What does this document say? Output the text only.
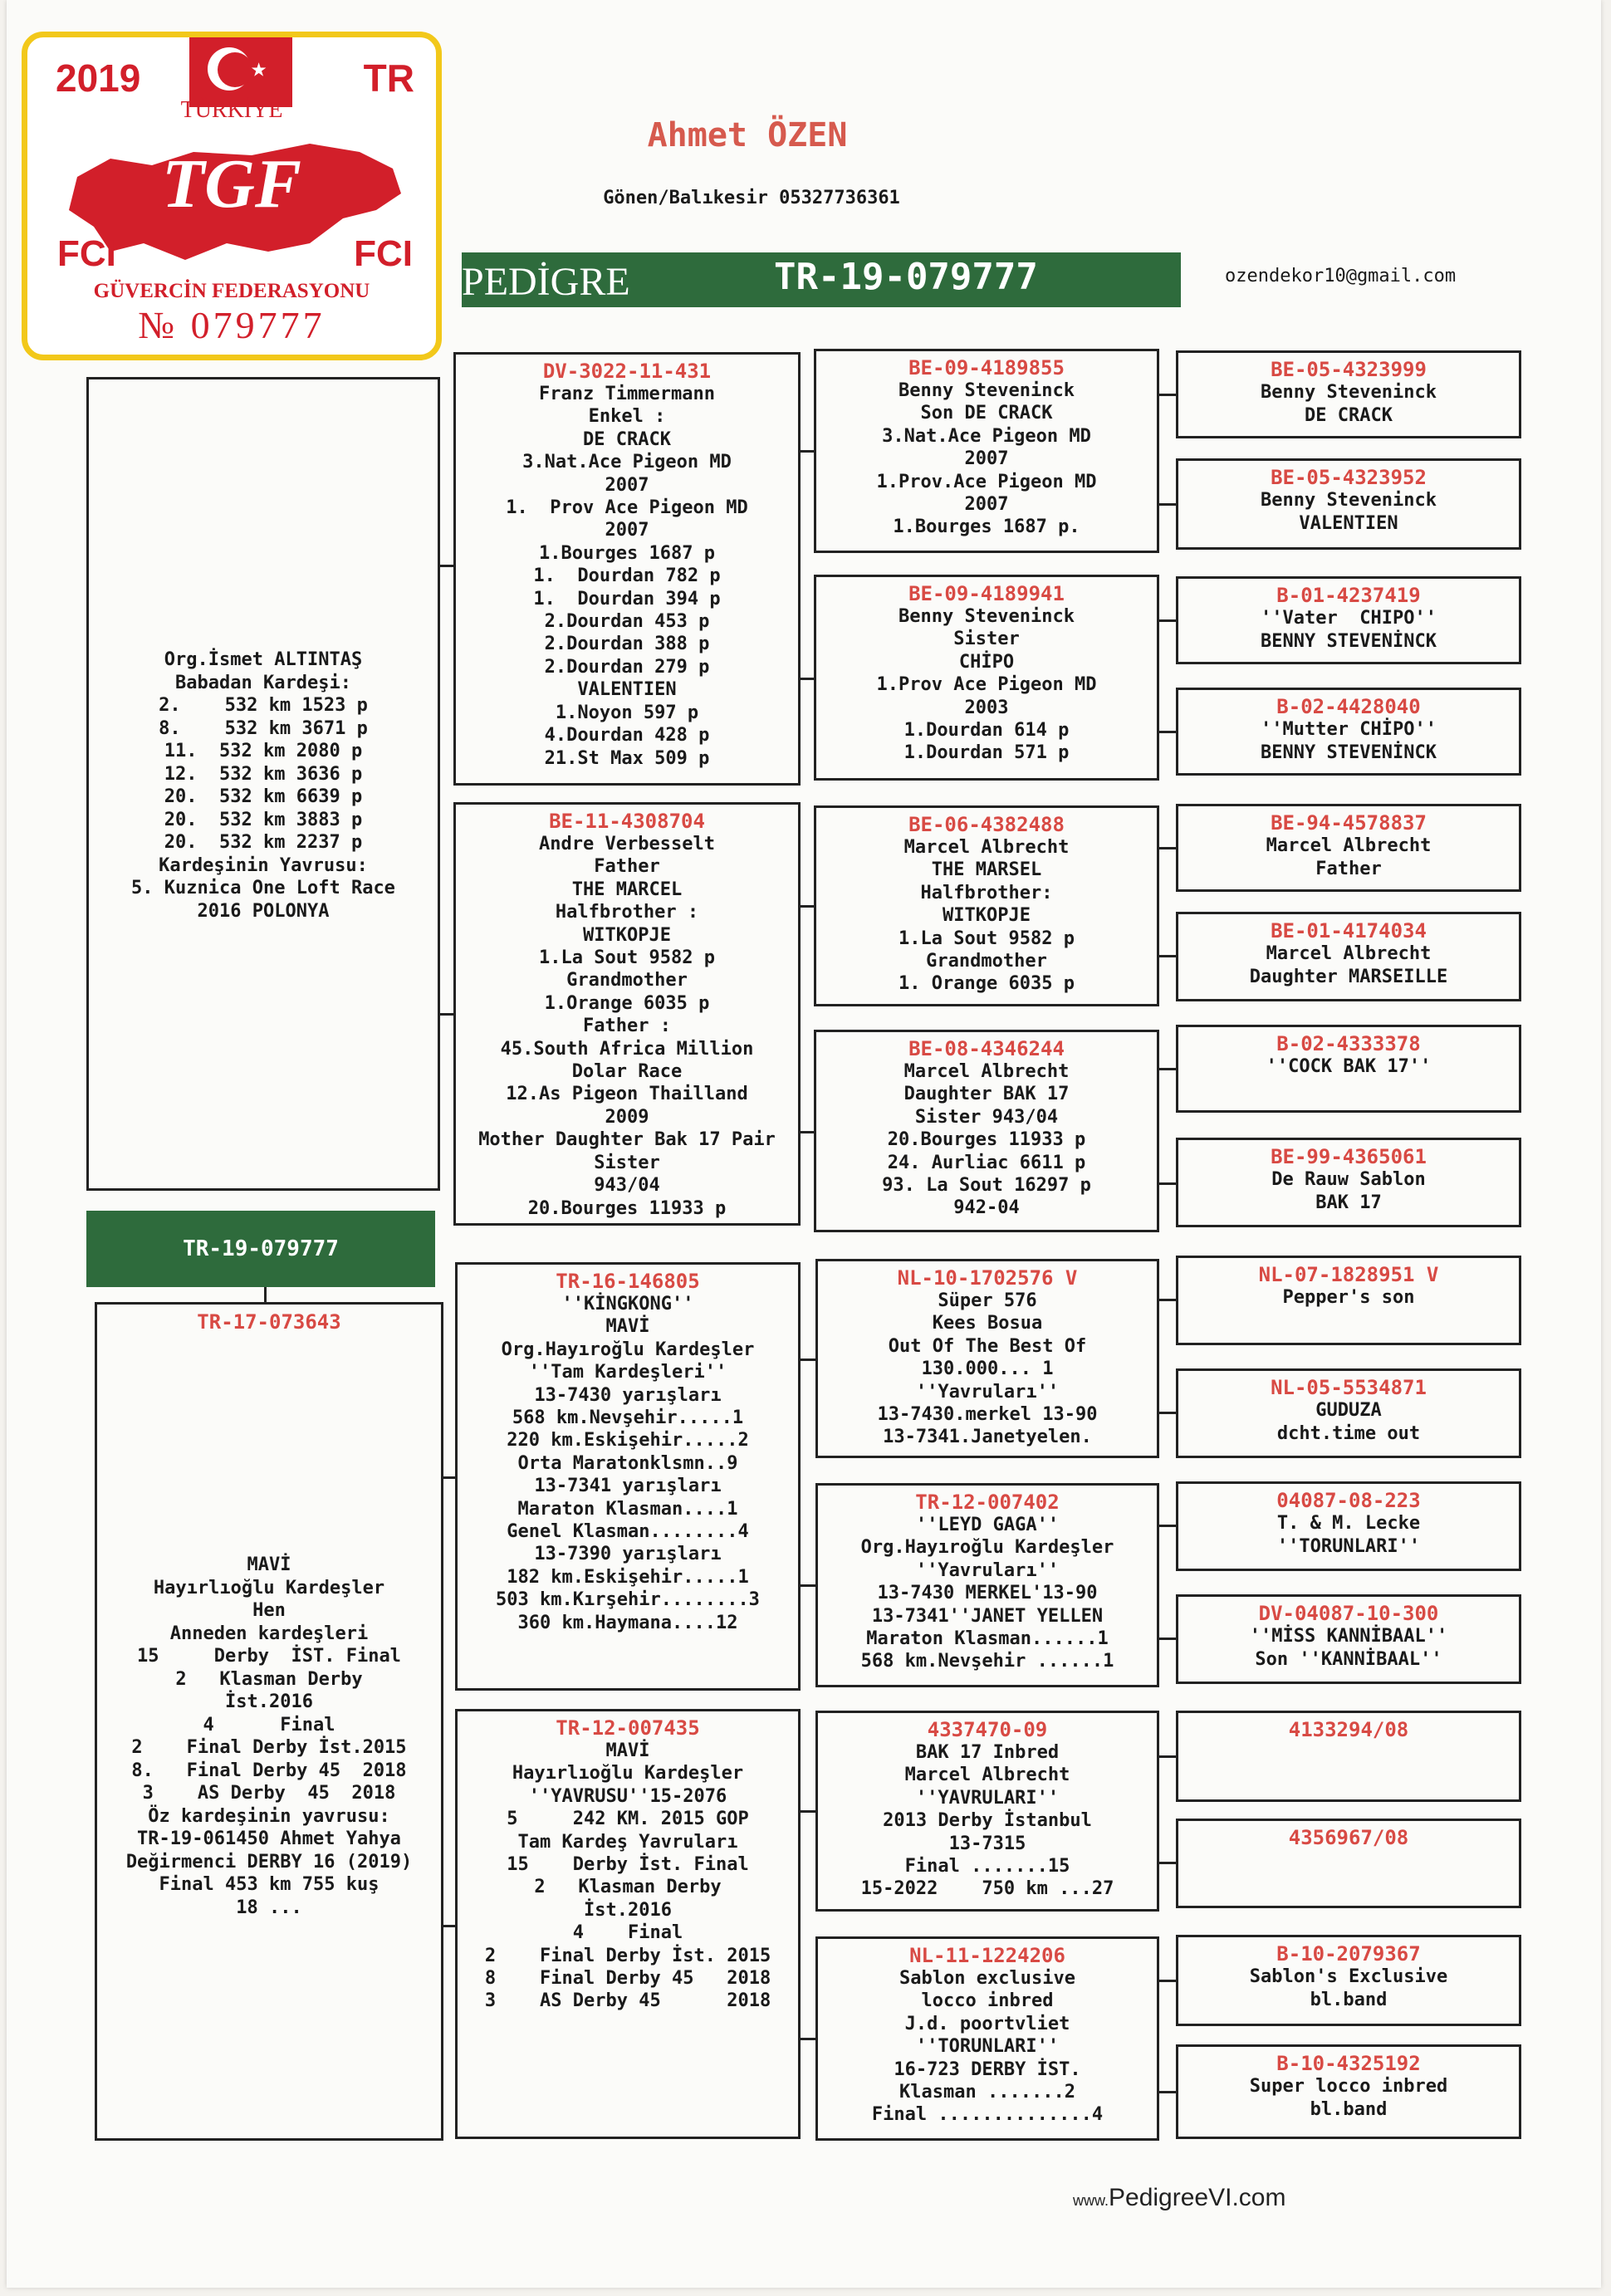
2019	★	TR
TÜRKİYE
TGF
FCI	FCI
GÜVERCİN FEDERASYONU
№ 079777
Ahmet ÖZEN
Gönen/Balıkesir 05327736361
PEDİGRE	TR-19-079777	ozendekor10@gmail.com
Org.İsmet ALTINTAŞ
Babadan Kardeşi:
2.    532 km 1523 p
8.    532 km 3671 p
11.  532 km 2080 p
12.  532 km 3636 p
20.  532 km 6639 p
20.  532 km 3883 p
20.  532 km 2237 p
Kardeşinin Yavrusu:
5. Kuznica One Loft Race
2016 POLONYA
TR-19-079777
TR-17-073643
MAVİ
Hayırlıoğlu Kardeşler
Hen
Anneden kardeşleri
15     Derby  İST. Final
2   Klasman Derby
İst.2016
4      Final
2    Final Derby İst.2015
8.   Final Derby 45  2018
3    AS Derby  45  2018
Öz kardeşinin yavrusu:
TR-19-061450 Ahmet Yahya
Değirmenci DERBY 16 (2019)
Final 453 km 755 kuş
18 ...
DV-3022-11-431
Franz Timmermann
Enkel :
DE CRACK
3.Nat.Ace Pigeon MD
2007
1.  Prov Ace Pigeon MD
2007
1.Bourges 1687 p
1.  Dourdan 782 p
1.  Dourdan 394 p
2.Dourdan 453 p
2.Dourdan 388 p
2.Dourdan 279 p
VALENTIEN
1.Noyon 597 p
4.Dourdan 428 p
21.St Max 509 p
BE-11-4308704
Andre Verbesselt
Father
THE MARCEL
Halfbrother :
WITKOPJE
1.La Sout 9582 p
Grandmother
1.Orange 6035 p
Father :
45.South Africa Million
Dolar Race
12.As Pigeon Thailland
2009
Mother Daughter Bak 17 Pair
Sister
943/04
20.Bourges 11933 p
TR-16-146805
''KİNGKONG''
MAVİ
Org.Hayıroğlu Kardeşler
''Tam Kardeşleri''
13-7430 yarışları
568 km.Nevşehir.....1
220 km.Eskişehir.....2
Orta Maratonklsmn..9
13-7341 yarışları
Maraton Klasman....1
Genel Klasman........4
13-7390 yarışları
182 km.Eskişehir.....1
503 km.Kırşehir........3
360 km.Haymana....12
TR-12-007435
MAVİ
Hayırlıoğlu Kardeşler
''YAVRUSU''15-2076
5     242 KM. 2015 GOP
Tam Kardeş Yavruları
15    Derby İst. Final
2   Klasman Derby
İst.2016
4    Final
2    Final Derby İst. 2015
8    Final Derby 45   2018
3    AS Derby 45      2018
BE-09-4189855
Benny Steveninck
Son DE CRACK
3.Nat.Ace Pigeon MD
2007
1.Prov.Ace Pigeon MD
2007
1.Bourges 1687 p.
BE-09-4189941
Benny Steveninck
Sister
CHİPO
1.Prov Ace Pigeon MD
2003
1.Dourdan 614 p
1.Dourdan 571 p
BE-06-4382488
Marcel Albrecht
THE MARSEL
Halfbrother:
WITKOPJE
1.La Sout 9582 p
Grandmother
1. Orange 6035 p
BE-08-4346244
Marcel Albrecht
Daughter BAK 17
Sister 943/04
20.Bourges 11933 p
24. Aurliac 6611 p
93. La Sout 16297 p
942-04
NL-10-1702576 V
Süper 576
Kees Bosua
Out Of The Best Of
130.000... 1
''Yavruları''
13-7430.merkel 13-90
13-7341.Janetyelen.
TR-12-007402
''LEYD GAGA''
Org.Hayıroğlu Kardeşler
''Yavruları''
13-7430 MERKEL'13-90
13-7341''JANET YELLEN
Maraton Klasman......1
568 km.Nevşehir ......1
4337470-09
BAK 17 Inbred
Marcel Albrecht
''YAVRULARI''
2013 Derby İstanbul
13-7315
Final .......15
15-2022    750 km ...27
NL-11-1224206
Sablon exclusive
locco inbred
J.d. poortvliet
''TORUNLARI''
16-723 DERBY İST.
Klasman .......2
Final ..............4
BE-05-4323999
Benny Steveninck
DE CRACK
BE-05-4323952
Benny Steveninck
VALENTIEN
B-01-4237419
''Vater  CHIPO''
BENNY STEVENİNCK
B-02-4428040
''Mutter CHİPO''
BENNY STEVENİNCK
BE-94-4578837
Marcel Albrecht
Father
BE-01-4174034
Marcel Albrecht
Daughter MARSEILLE
B-02-4333378
''COCK BAK 17''
BE-99-4365061
De Rauw Sablon
BAK 17
NL-07-1828951 V
Pepper's son
NL-05-5534871
GUDUZA
dcht.time out
04087-08-223
T. & M. Lecke
''TORUNLARI''
DV-04087-10-300
''MİSS KANNİBAAL''
Son ''KANNİBAAL''
4133294/08
4356967/08
B-10-2079367
Sablon's Exclusive
bl.band
B-10-4325192
Super locco inbred
bl.band
www.PedigreeVI.com
